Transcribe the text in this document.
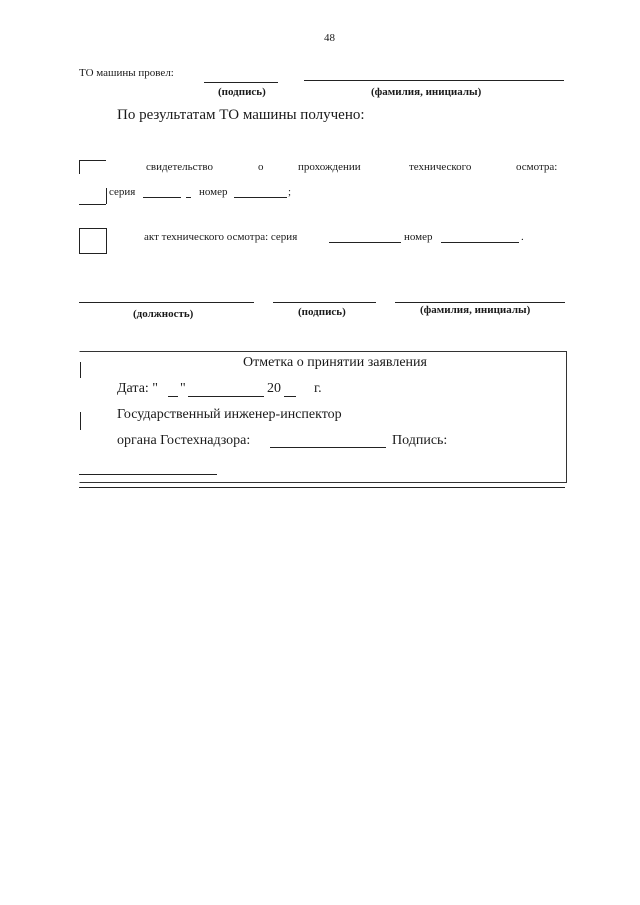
48
ТО машины провел:
(подпись)	(фамилия, инициалы)
По результатам ТО машины получено:
свидетельство	о	прохождении	технического	осмотра:
серия	номер	;
акт технического осмотра: серия	номер	.
(должность)	(подпись)	(фамилия, инициалы)
Отметка о принятии заявления
Дата: " "	20 г.
Государственный инженер-инспектор
органа Гостехнадзора:	Подпись:
